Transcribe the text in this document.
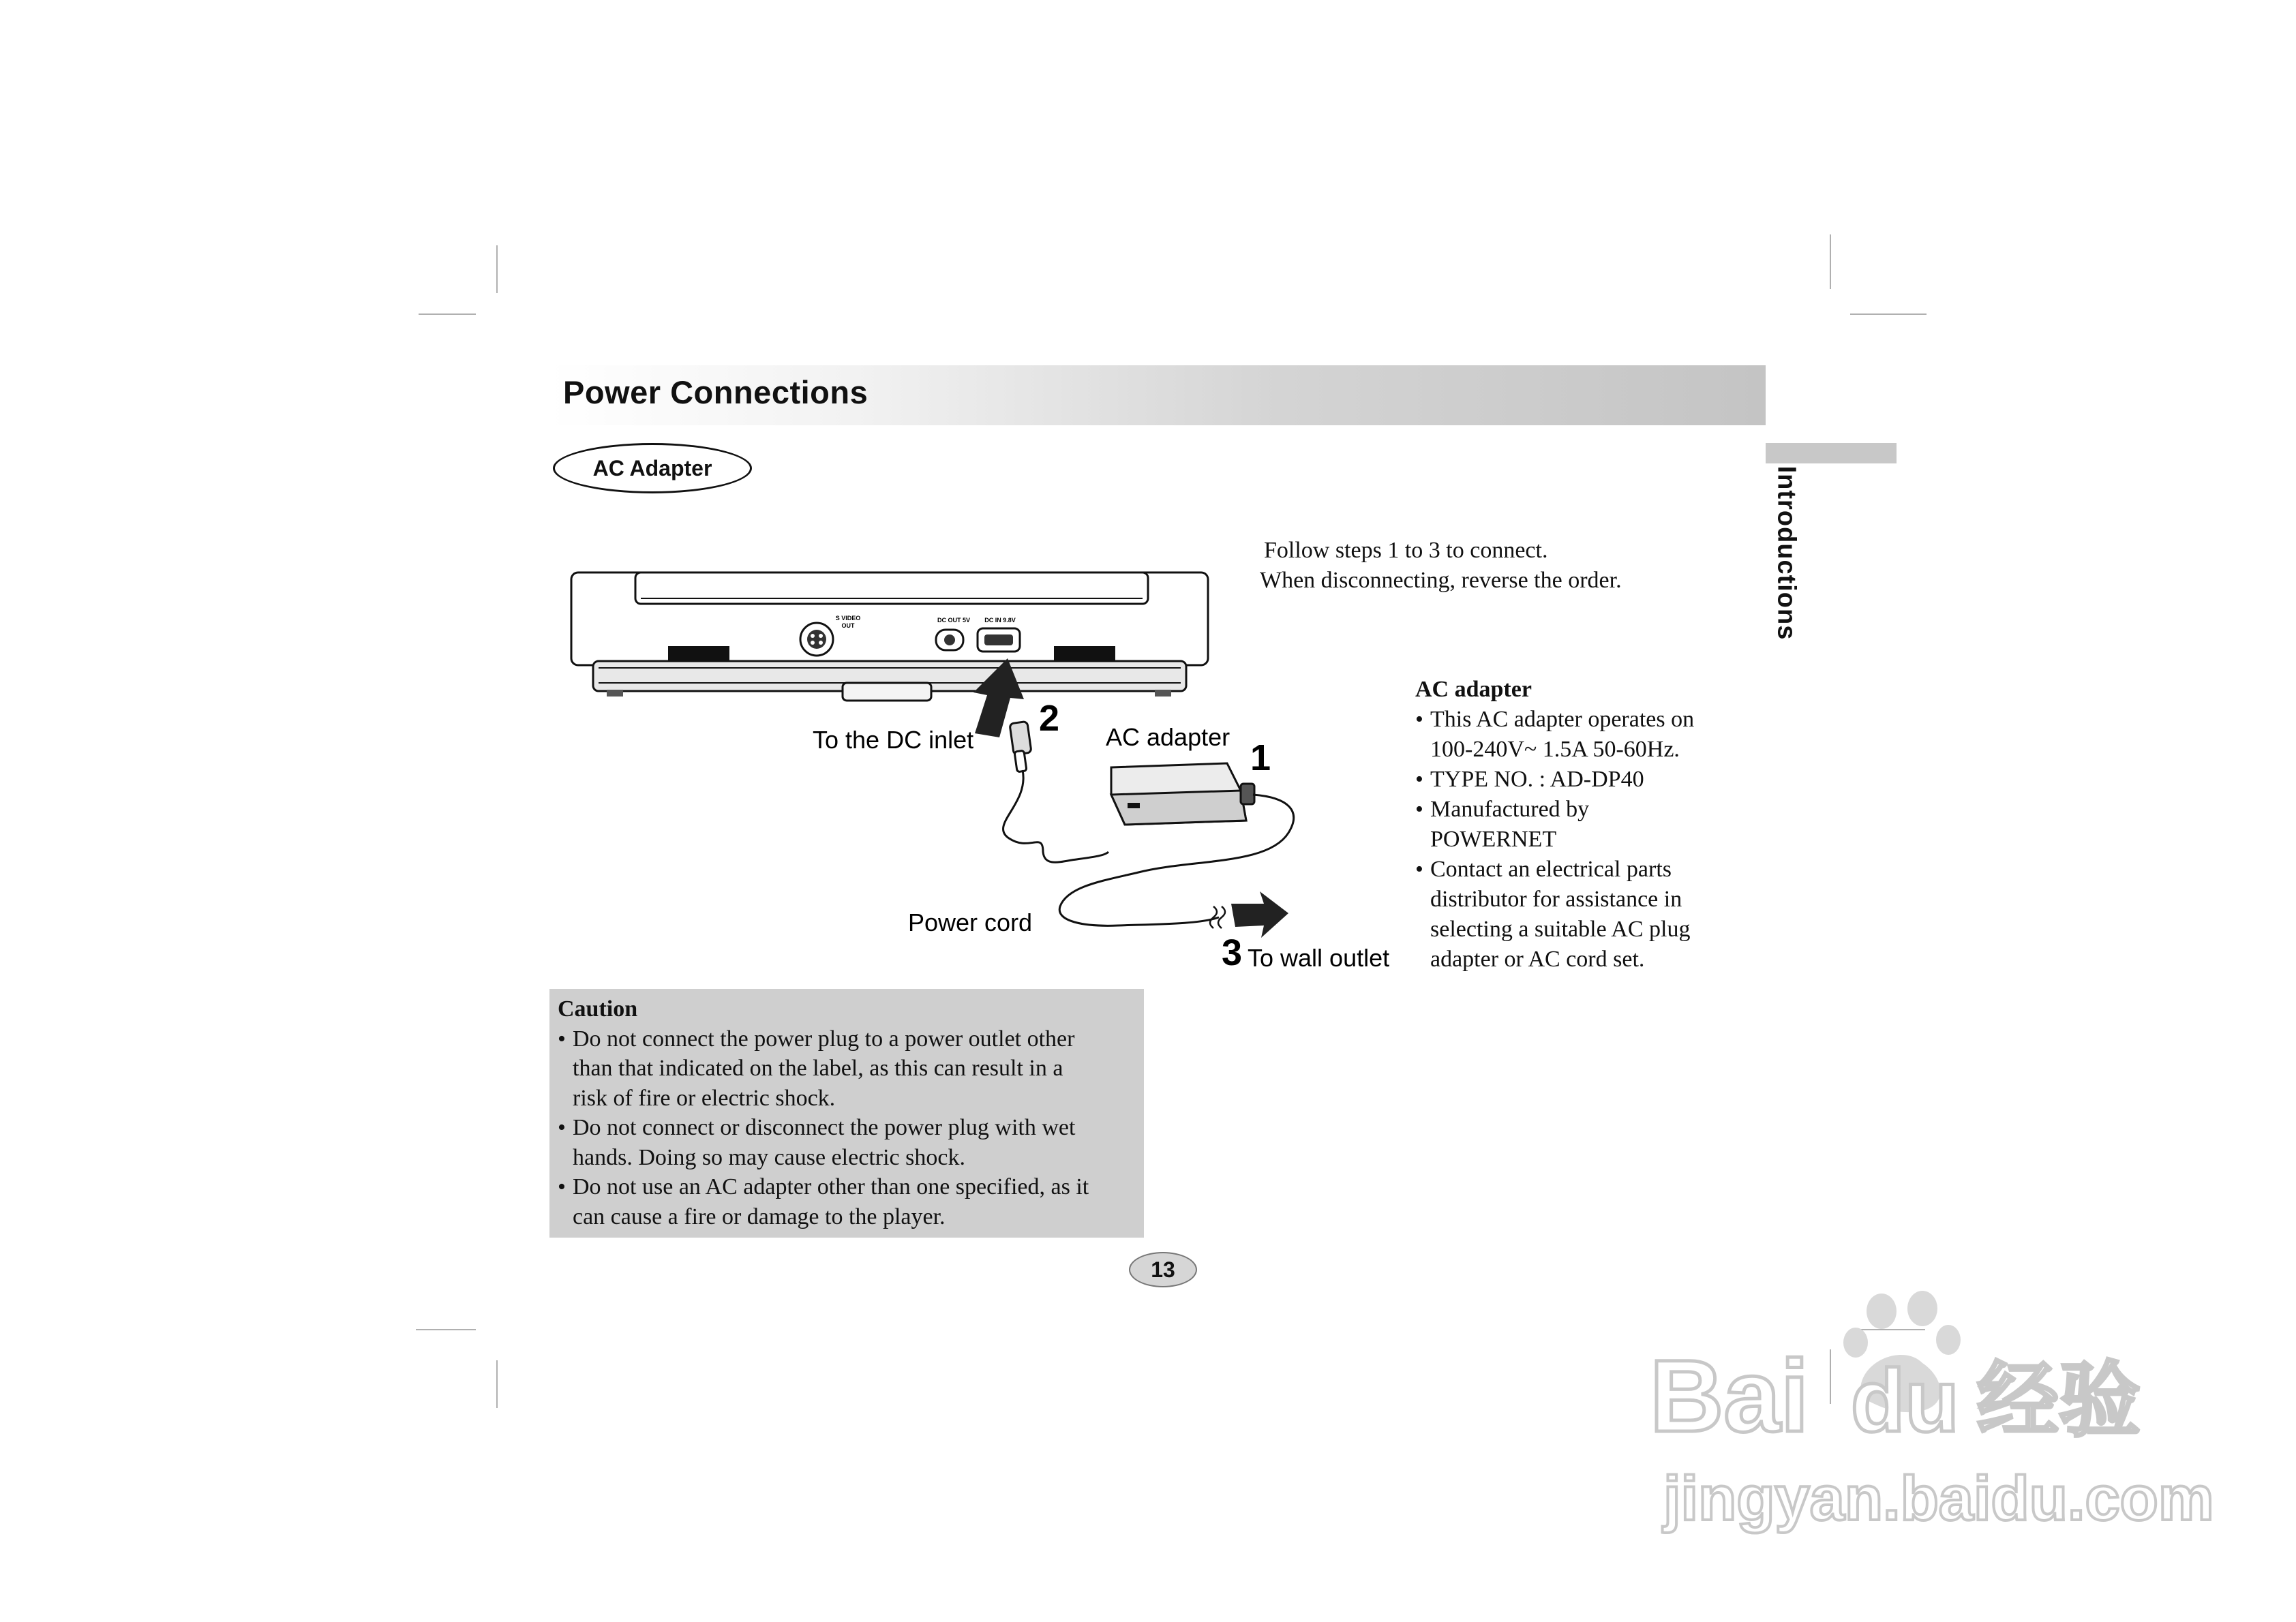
Power Connections
Introductions
AC Adapter
Follow steps 1 to 3 to connect.
When disconnecting, reverse the order.
S VIDEO
OUT
DC OUT 5V DC IN 9.8V
To the DC inlet
2 AC adapter
1
Power cord
3 To wall outlet
AC adapter
• This AC adapter operates on
100-240V~ 1.5A 50-60Hz.
• TYPE NO. : AD-DP40
• Manufactured by
POWERNET
• Contact an electrical parts
distributor for assistance in
selecting a suitable AC plug
adapter or AC cord set.
Caution
• Do not connect the power plug to a power outlet other
than that indicated on the label, as this can result in a
risk of fire or electric shock.
• Do not connect or disconnect the power plug with wet
hands. Doing so may cause electric shock.
• Do not use an AC adapter other than one specified, as it
can cause a fire or damage to the player.
13
Bai du 经验
jingyan.baidu.com
